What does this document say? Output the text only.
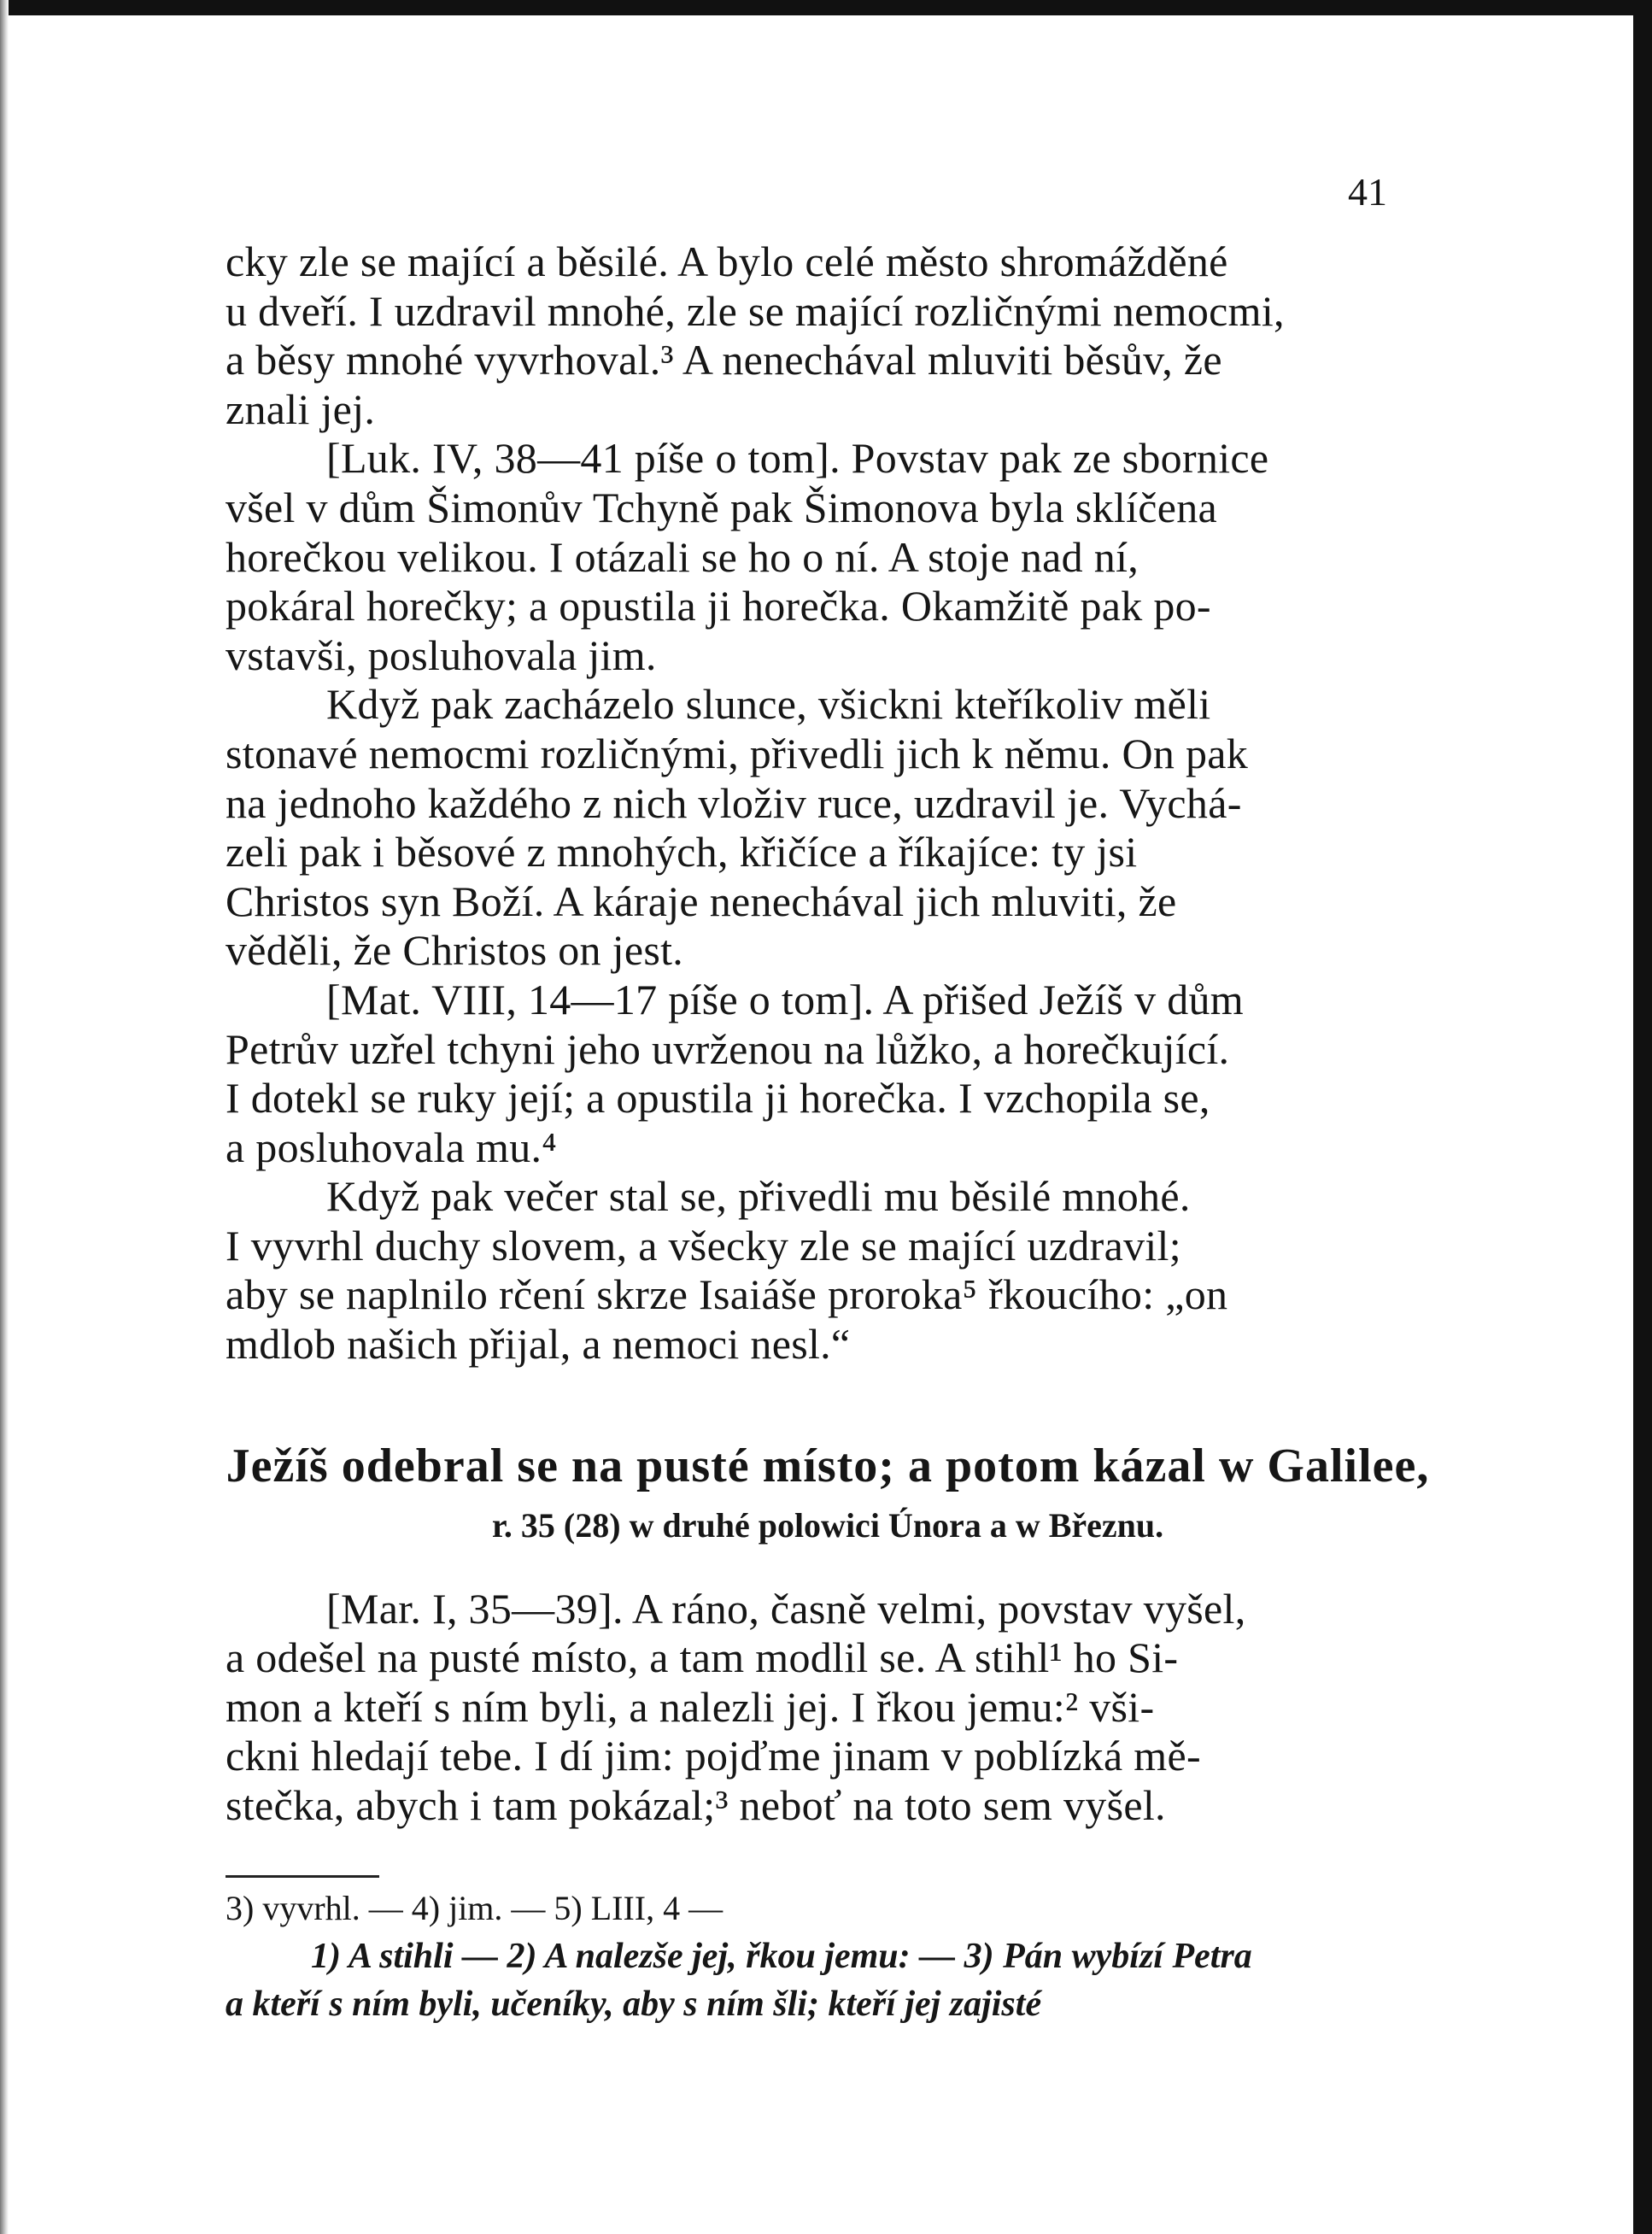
41
cky zle se mající a běsilé. A bylo celé město shromážděné
u dveří. I uzdravil mnohé, zle se mající rozličnými nemocmi,
a běsy mnohé vyvrhoval.³ A nenechával mluviti běsův, že
znali jej.
[Luk. IV, 38—41 píše o tom]. Povstav pak ze sbornice
všel v dům Šimonův Tchyně pak Šimonova byla sklíčena
horečkou velikou. I otázali se ho o ní. A stoje nad ní,
pokáral horečky; a opustila ji horečka. Okamžitě pak po-
vstavši, posluhovala jim.
Když pak zacházelo slunce, všickni kteříkoliv měli
stonavé nemocmi rozličnými, přivedli jich k němu. On pak
na jednoho každého z nich vloživ ruce, uzdravil je. Vychá-
zeli pak i běsové z mnohých, křičíce a říkajíce: ty jsi
Christos syn Boží. A káraje nenechával jich mluviti, že
věděli, že Christos on jest.
[Mat. VIII, 14—17 píše o tom]. A přišed Ježíš v dům
Petrův uzřel tchyni jeho uvrženou na lůžko, a horečkující.
I dotekl se ruky její; a opustila ji horečka. I vzchopila se,
a posluhovala mu.⁴
Když pak večer stal se, přivedli mu běsilé mnohé.
I vyvrhl duchy slovem, a všecky zle se mající uzdravil;
aby se naplnilo rčení skrze Isaiáše proroka⁵ řkoucího: „on
mdlob našich přijal, a nemoci nesl.“
Ježíš odebral se na pusté místo; a potom kázal w Galilee,
r. 35 (28) w druhé polowici Února a w Březnu.
[Mar. I, 35—39]. A ráno, časně velmi, povstav vyšel,
a odešel na pusté místo, a tam modlil se. A stihl¹ ho Si-
mon a kteří s ním byli, a nalezli jej. I řkou jemu:² vši-
ckni hledají tebe. I dí jim: pojďme jinam v poblízká mě-
stečka, abych i tam pokázal;³ neboť na toto sem vyšel.
3) vyvrhl. — 4) jim. — 5) LIII, 4 —
1) A stihli — 2) A nalezše jej, řkou jemu: — 3) Pán wybízí Petra
a kteří s ním byli, učeníky, aby s ním šli; kteří jej zajisté
